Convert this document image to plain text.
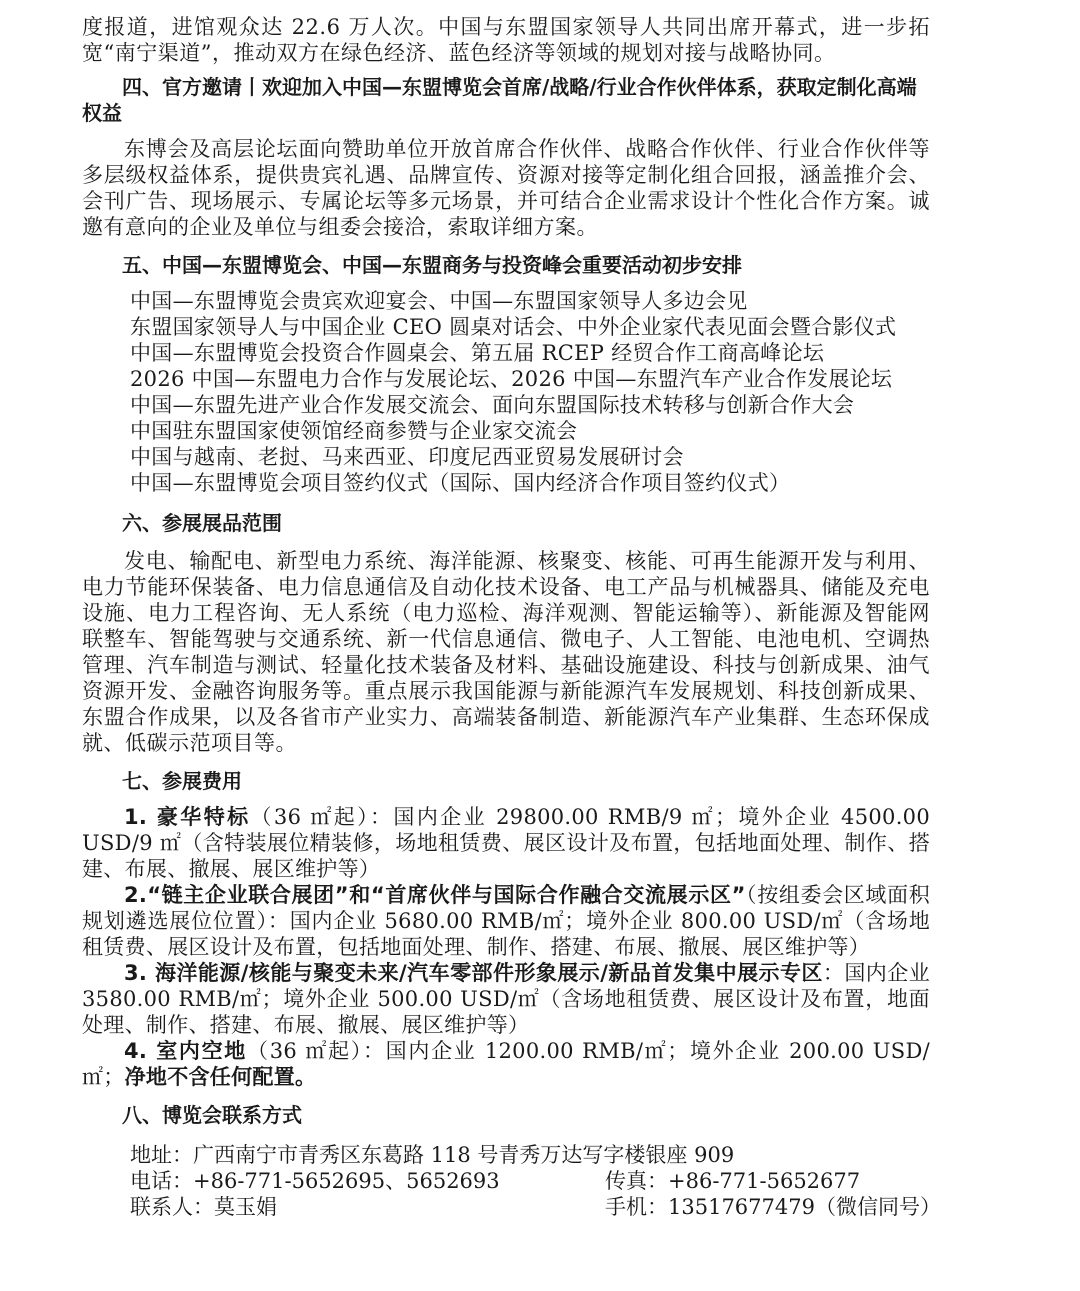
度报道，进馆观众达 22.6 万人次。中国与东盟国家领导人共同出席开幕式，进一步拓宽“南宁渠道”，推动双方在绿色经济、蓝色经济等领域的规划对接与战略协同。
四、官方邀请丨欢迎加入中国—东盟博览会首席/战略/行业合作伙伴体系，获取定制化高端权益
东博会及高层论坛面向赞助单位开放首席合作伙伴、战略合作伙伴、行业合作伙伴等多层级权益体系，提供贵宾礼遇、品牌宣传、资源对接等定制化组合回报，涵盖推介会、会刊广告、现场展示、专属论坛等多元场景，并可结合企业需求设计个性化合作方案。诚邀有意向的企业及单位与组委会接洽，索取详细方案。
五、中国—东盟博览会、中国—东盟商务与投资峰会重要活动初步安排
中国—东盟博览会贵宾欢迎宴会、中国—东盟国家领导人多边会见
东盟国家领导人与中国企业 CEO 圆桌对话会、中外企业家代表见面会暨合影仪式
中国—东盟博览会投资合作圆桌会、第五届 RCEP 经贸合作工商高峰论坛
2026 中国—东盟电力合作与发展论坛、2026 中国—东盟汽车产业合作发展论坛
中国—东盟先进产业合作发展交流会、面向东盟国际技术转移与创新合作大会
中国驻东盟国家使领馆经商参赞与企业家交流会
中国与越南、老挝、马来西亚、印度尼西亚贸易发展研讨会
中国—东盟博览会项目签约仪式（国际、国内经济合作项目签约仪式）
六、参展展品范围
发电、输配电、新型电力系统、海洋能源、核聚变、核能、可再生能源开发与利用、电力节能环保装备、电力信息通信及自动化技术设备、电工产品与机械器具、储能及充电设施、电力工程咨询、无人系统（电力巡检、海洋观测、智能运输等）、新能源及智能网联整车、智能驾驶与交通系统、新一代信息通信、微电子、人工智能、电池电机、空调热管理、汽车制造与测试、轻量化技术装备及材料、基础设施建设、科技与创新成果、油气资源开发、金融咨询服务等。重点展示我国能源与新能源汽车发展规划、科技创新成果、东盟合作成果，以及各省市产业实力、高端装备制造、新能源汽车产业集群、生态环保成就、低碳示范项目等。
七、参展费用
1. 豪华特标（36 ㎡起）：国内企业 29800.00 RMB/9 ㎡；境外企业 4500.00 USD/9 ㎡（含特装展位精装修，场地租赁费、展区设计及布置，包括地面处理、制作、搭建、布展、撤展、展区维护等）
2.“链主企业联合展团”和“首席伙伴与国际合作融合交流展示区”（按组委会区域面积规划遴选展位位置）：国内企业 5680.00 RMB/㎡；境外企业 800.00 USD/㎡（含场地租赁费、展区设计及布置，包括地面处理、制作、搭建、布展、撤展、展区维护等）
3. 海洋能源/核能与聚变未来/汽车零部件形象展示/新品首发集中展示专区：国内企业 3580.00 RMB/㎡；境外企业 500.00 USD/㎡（含场地租赁费、展区设计及布置，地面处理、制作、搭建、布展、撤展、展区维护等）
4. 室内空地（36 ㎡起）：国内企业 1200.00 RMB/㎡；境外企业 200.00 USD/㎡；净地不含任何配置。
八、博览会联系方式
地址：广西南宁市青秀区东葛路 118 号青秀万达写字楼银座 909
电话：+86-771-5652695、5652693	传真：+86-771-5652677
联系人：莫玉娟	手机：13517677479（微信同号）
